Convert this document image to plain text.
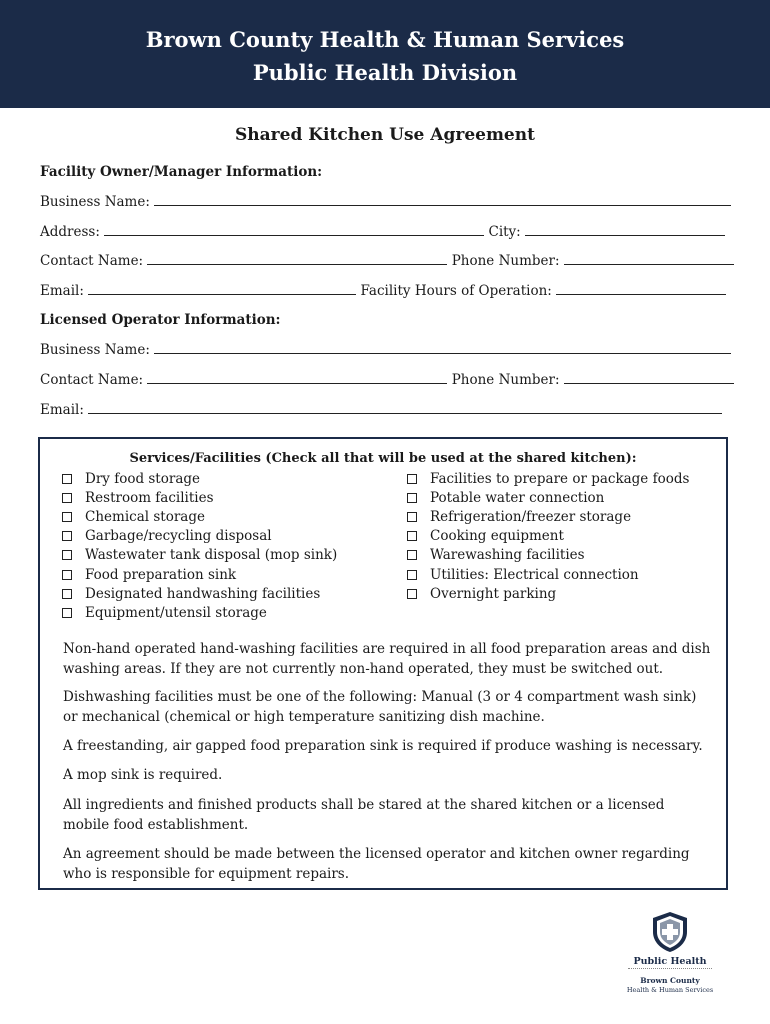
Brown County Health & Human Services
Public Health Division
Shared Kitchen Use Agreement
Facility Owner/Manager Information:
Business Name:
Address:	City:
Contact Name:	Phone Number:
Email:	Facility Hours of Operation:
Licensed Operator Information:
Business Name:
Contact Name:	Phone Number:
Email:
Services/Facilities (Check all that will be used at the shared kitchen):
Dry food storage
Restroom facilities
Chemical storage
Garbage/recycling disposal
Wastewater tank disposal (mop sink)
Food preparation sink
Designated handwashing facilities
Equipment/utensil storage
Facilities to prepare or package foods
Potable water connection
Refrigeration/freezer storage
Cooking equipment
Warewashing facilities
Utilities: Electrical connection
Overnight parking
Non-hand operated hand-washing facilities are required in all food preparation areas and dish washing areas. If they are not currently non-hand operated, they must be switched out.
Dishwashing facilities must be one of the following: Manual (3 or 4 compartment wash sink) or mechanical (chemical or high temperature sanitizing dish machine.
A freestanding, air gapped food preparation sink is required if produce washing is necessary.
A mop sink is required.
All ingredients and finished products shall be stared at the shared kitchen or a licensed mobile food establishment.
An agreement should be made between the licensed operator and kitchen owner regarding who is responsible for equipment repairs.
Public Health
Brown County
Health & Human Services
